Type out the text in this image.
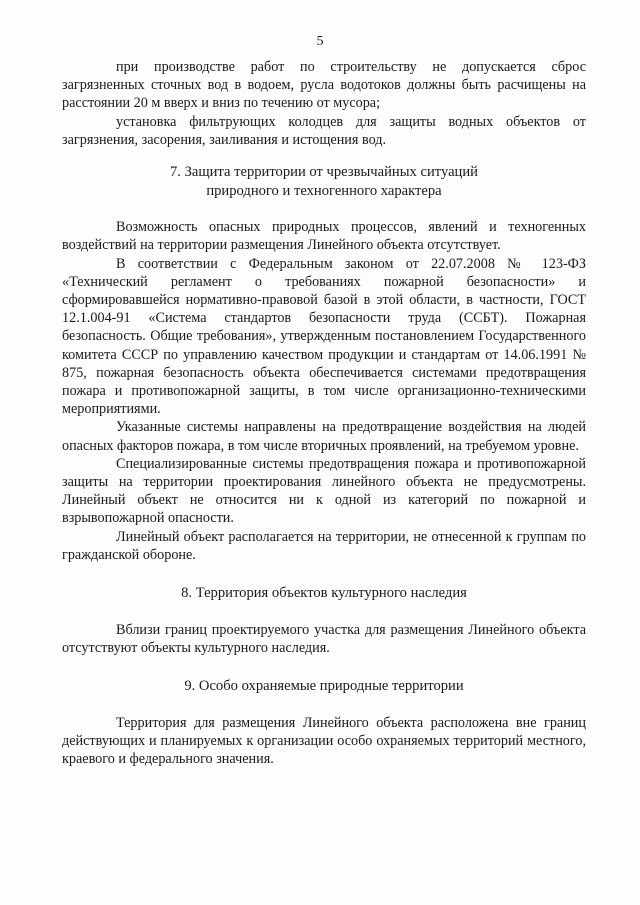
5

при производстве работ по строительству не допускается сброс загрязненных сточных вод в водоем, русла водотоков должны быть расчищены на расстоянии 20 м вверх и вниз по течению от мусора;

установка фильтрующих колодцев для защиты водных объектов от загрязнения, засорения, заиливания и истощения вод.

7. Защита территории от чрезвычайных ситуаций
природного и техногенного характера

Возможность опасных природных процессов, явлений и техногенных воздействий на территории размещения Линейного объекта отсутствует.

В соответствии с Федеральным законом от 22.07.2008 № 123-ФЗ «Технический регламент о требованиях пожарной безопасности» и сформировавшейся нормативно-правовой базой в этой области, в частности, ГОСТ 12.1.004-91 «Система стандартов безопасности труда (ССБТ). Пожарная безопасность. Общие требования», утвержденным постановлением Государственного комитета СССР по управлению качеством продукции и стандартам от 14.06.1991 № 875, пожарная безопасность объекта обеспечивается системами предотвращения пожара и противопожарной защиты, в том числе организационно-техническими мероприятиями.

Указанные системы направлены на предотвращение воздействия на людей опасных факторов пожара, в том числе вторичных проявлений, на требуемом уровне.

Специализированные системы предотвращения пожара и противопожарной защиты на территории проектирования линейного объекта не предусмотрены. Линейный объект не относится ни к одной из категорий по пожарной и взрывопожарной опасности.

Линейный объект располагается на территории, не отнесенной к группам по гражданской обороне.

8. Территория объектов культурного наследия

Вблизи границ проектируемого участка для размещения Линейного объекта отсутствуют объекты культурного наследия.

9. Особо охраняемые природные территории

Территория для размещения Линейного объекта расположена вне границ действующих и планируемых к организации особо охраняемых территорий местного, краевого и федерального значения.
